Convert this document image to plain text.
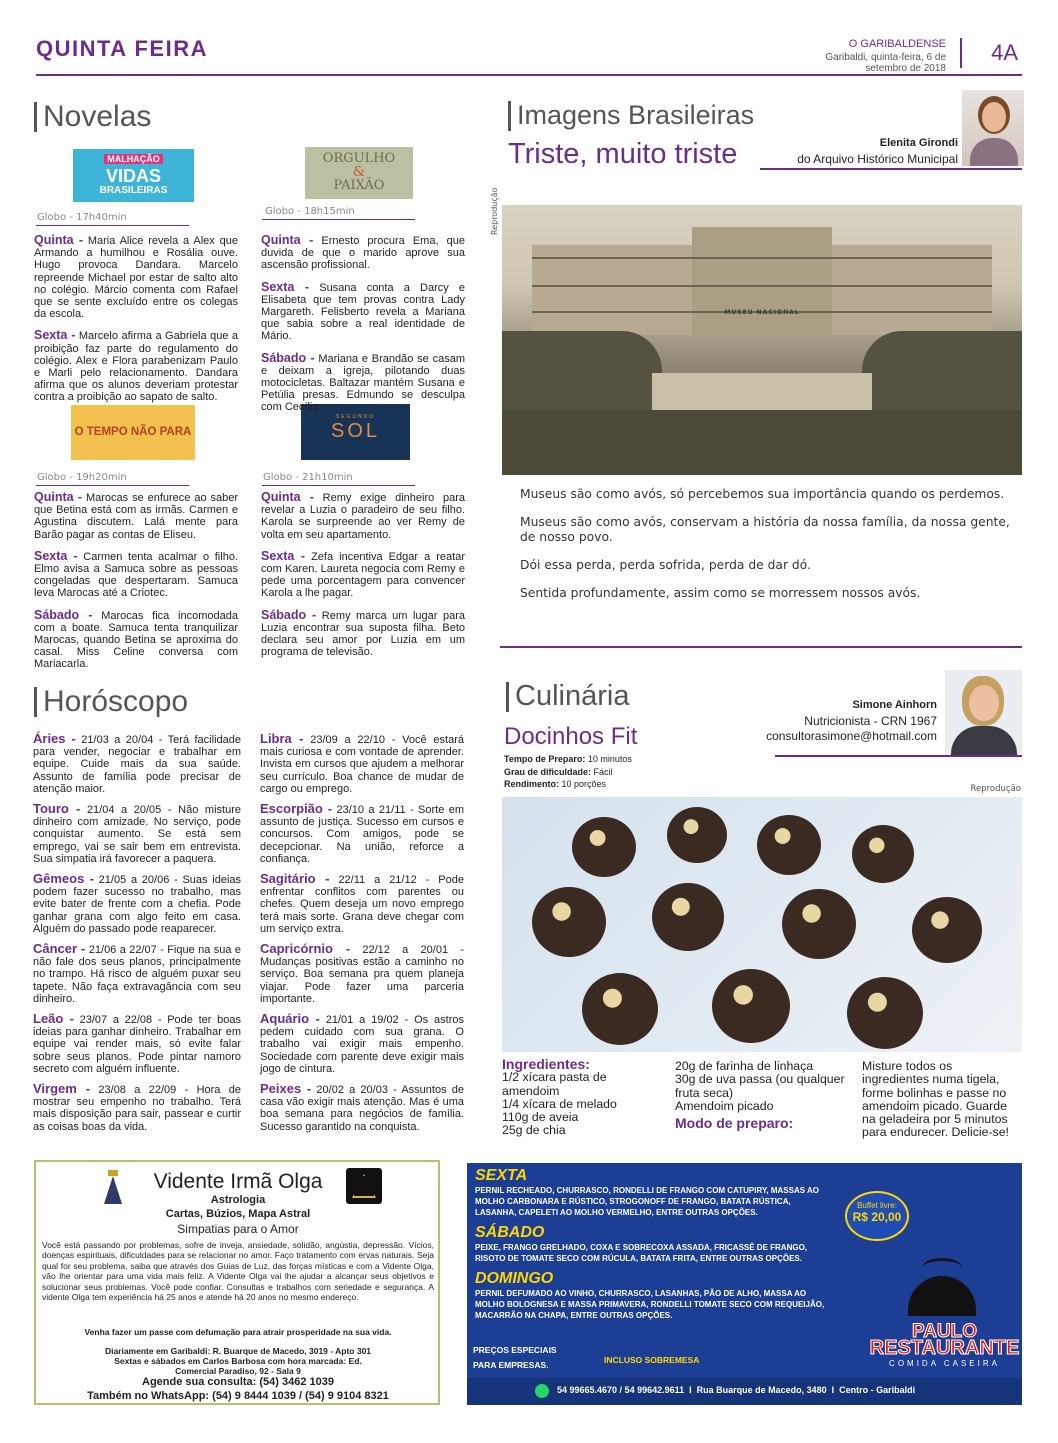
QUINTA FEIRA	O GARIBALDENSE
Garibaldi, quinta-feira, 6 de setembro de 2018
4A
Novelas
MALHAÇÃO
VIDAS
BRASILEIRAS
ORGULHO
&
PAIXÃO
O TEMPO NÃO PARA
SEGUNDO
SOL
Globo - 17h40min
Globo - 18h15min
Globo - 19h20min	Globo - 21h10min

Quinta - Maria Alice revela a Alex que Armando a humilhou e Rosália ouve. Hugo provoca Dandara. Marcelo repreende Michael por estar de salto alto no colégio. Márcio comenta com Rafael que se sente excluído entre os colegas da escola.

Sexta - Marcelo afirma a Gabriela que a proibição faz parte do regulamento do colégio. Alex e Flora parabenizam Paulo e Marli pelo relacionamento. Dandara afirma que os alunos deveriam protestar contra a proibição ao sapato de salto.

Quinta - Ernesto procura Ema, que duvida de que o marido aprove sua ascensão profissional.

Sexta - Susana conta a Darcy e Elisabeta que tem provas contra Lady Margareth. Felisberto revela a Mariana que sabia sobre a real identidade de Mário.

Sábado - Mariana e Brandão se casam e deixam a igreja, pilotando duas motocicletas. Baltazar mantém Susana e Petúlia presas. Edmundo se desculpa com Cecília.

Quinta - Marocas se enfurece ao saber que Betina está com as irmãs. Carmen e Agustina discutem. Lalá mente para Barão pagar as contas de Eliseu.

Sexta - Carmen tenta acalmar o filho. Elmo avisa a Samuca sobre as pessoas congeladas que despertaram. Samuca leva Marocas até a Criotec.

Sábado - Marocas fica incomodada com a boate. Samuca tenta tranquilizar Marocas, quando Betina se aproxima do casal. Miss Celine conversa com Mariacarla.

Quinta - Remy exige dinheiro para revelar a Luzia o paradeiro de seu filho. Karola se surpreende ao ver Remy de volta em seu apartamento.

Sexta - Zefa incentiva Edgar a reatar com Karen. Laureta negocia com Remy e pede uma porcentagem para convencer Karola a lhe pagar.

Sábado - Remy marca um lugar para Luzia encontrar sua suposta filha. Beto declara seu amor por Luzia em um programa de televisão.

Imagens Brasileiras
Triste, muito triste	Elenita Girondi
do Arquivo Histórico Municipal
Reprodução
MUSEU NACIONAL

Museus são como avós, só percebemos sua importância quando os perdemos.

Museus são como avós, conservam a história da nossa família, da nossa gente, de nosso povo.

Dói essa perda, perda sofrida, perda de dar dó.

Sentida profundamente, assim como se morressem nossos avós.

Horóscopo

Áries - 21/03 a 20/04 - Terá facilidade para vender, negociar e trabalhar em equipe. Cuide mais da sua saúde. Assunto de família pode precisar de atenção maior.

Touro - 21/04 a 20/05 - Não misture dinheiro com amizade. No serviço, pode conquistar aumento. Se está sem emprego, vai se sair bem em entrevista. Sua simpatia irá favorecer a paquera.

Gêmeos - 21/05 a 20/06 - Suas ideias podem fazer sucesso no trabalho, mas evite bater de frente com a chefia. Pode ganhar grana com algo feito em casa. Alguém do passado pode reaparecer.

Câncer - 21/06 a 22/07 - Fique na sua e não fale dos seus planos, principalmente no trampo. Há risco de alguém puxar seu tapete. Não faça extravagância com seu dinheiro.

Leão - 23/07 a 22/08 - Pode ter boas ideias para ganhar dinheiro. Trabalhar em equipe vai render mais, só evite falar sobre seus planos. Pode pintar namoro secreto com alguém influente.

Virgem - 23/08 a 22/09 - Hora de mostrar seu empenho no trabalho. Terá mais disposição para sair, passear e curtir as coisas boas da vida.

Libra - 23/09 a 22/10 - Você estará mais curiosa e com vontade de aprender. Invista em cursos que ajudem a melhorar seu currículo. Boa chance de mudar de cargo ou emprego.

Escorpião - 23/10 a 21/11 - Sorte em assunto de justiça. Sucesso em cursos e concursos. Com amigos, pode se decepcionar. Na união, reforce a confiança.

Sagitário - 22/11 a 21/12 - Pode enfrentar conflitos com parentes ou chefes. Quem deseja um novo emprego terá mais sorte. Grana deve chegar com um serviço extra.

Capricórnio - 22/12 a 20/01 - Mudanças positivas estão a caminho no serviço. Boa semana pra quem planeja viajar. Pode fazer uma parceria importante.

Aquário - 21/01 a 19/02 - Os astros pedem cuidado com sua grana. O trabalho vai exigir mais empenho. Sociedade com parente deve exigir mais jogo de cintura.

Peixes - 20/02 a 20/03 - Assuntos de casa vão exigir mais atenção. Mas é uma boa semana para negócios de família. Sucesso garantido na conquista.

Culinária
Docinhos Fit
Tempo de Preparo: 10 minutos
Grau de dificuldade: Fácil
Rendimento: 10 porções
Simone Ainhorn
Nutricionista - CRN 1967
consultorasimone@hotmail.com
Reprodução
Ingredientes:
1/2 xícara pasta de amendoim
1/4 xícara de melado
110g de aveia
25g de chia
20g de farinha de linhaça
30g de uva passa (ou qualquer fruta seca)
Amendoim picado
Modo de preparo:
Misture todos os ingredientes numa tigela, forme bolinhas e passe no amendoim picado. Guarde na geladeira por 5 minutos para endurecer. Delicie-se!
Vidente Irmã Olga
Astrologia
Cartas, Búzios, Mapa Astral
Simpatias para o Amor
Você está passando por problemas, sofre de inveja, ansiedade, solidão, angústia, depressão. Vícios, doenças espirituais, dificuldades para se relacionar no amor. Faço tratamento com ervas naturais. Seja qual for seu problema, saiba que através dos Guias de Luz, das forças místicas e com a Vidente Olga, vão lhe orientar para uma vida mais feliz. A Vidente Olga vai lhe ajudar a alcançar seus objetivos e solucionar seus problemas. Você pode confiar. Consultas e trabalhos com seriedade e segurança. A vidente Olga tem experiência há 25 anos e atende há 20 anos no mesmo endereço.
Venha fazer um passe com defumação para atrair prosperidade na sua vida.
Diariamente em Garibaldi: R. Buarque de Macedo, 3019 - Apto 301
Sextas e sábados em Carlos Barbosa com hora marcada: Ed. Comercial Paradiso, 92 - Sala 9
Agende sua consulta: (54) 3462 1039
Também no WhatsApp: (54) 9 8444 1039 / (54) 9 9104 8321
SEXTA
PERNIL RECHEADO, CHURRASCO, RONDELLI DE FRANGO COM CATUPIRY, MASSAS AO MOLHO CARBONARA E RÚSTICO, STROGONOFF DE FRANGO, BATATA RÚSTICA, LASANHA, CAPELETI AO MOLHO VERMELHO, ENTRE OUTRAS OPÇÕES.
SÁBADO
PEIXE, FRANGO GRELHADO, COXA E SOBRECOXA ASSADA, FRICASSÊ DE FRANGO, RISOTO DE TOMATE SECO COM RÚCULA, BATATA FRITA, ENTRE OUTRAS OPÇÕES.
DOMINGO
PERNIL DEFUMADO AO VINHO, CHURRASCO, LASANHAS, PÃO DE ALHO, MASSA AO MOLHO BOLOGNESA E MASSA PRIMAVERA, RONDELLI TOMATE SECO COM REQUEIJÃO, MACARRÃO NA CHAPA, ENTRE OUTRAS OPÇÕES.
Buffet livre:
R$ 20,00
PAULO
RESTAURANTE
COMIDA CASEIRA
PREÇOS ESPECIAIS
PARA EMPRESAS.	INCLUSO SOBREMESA
54 99665.4670 / 54 99642.9611  I  Rua Buarque de Macedo, 3480  I  Centro - Garibaldi
